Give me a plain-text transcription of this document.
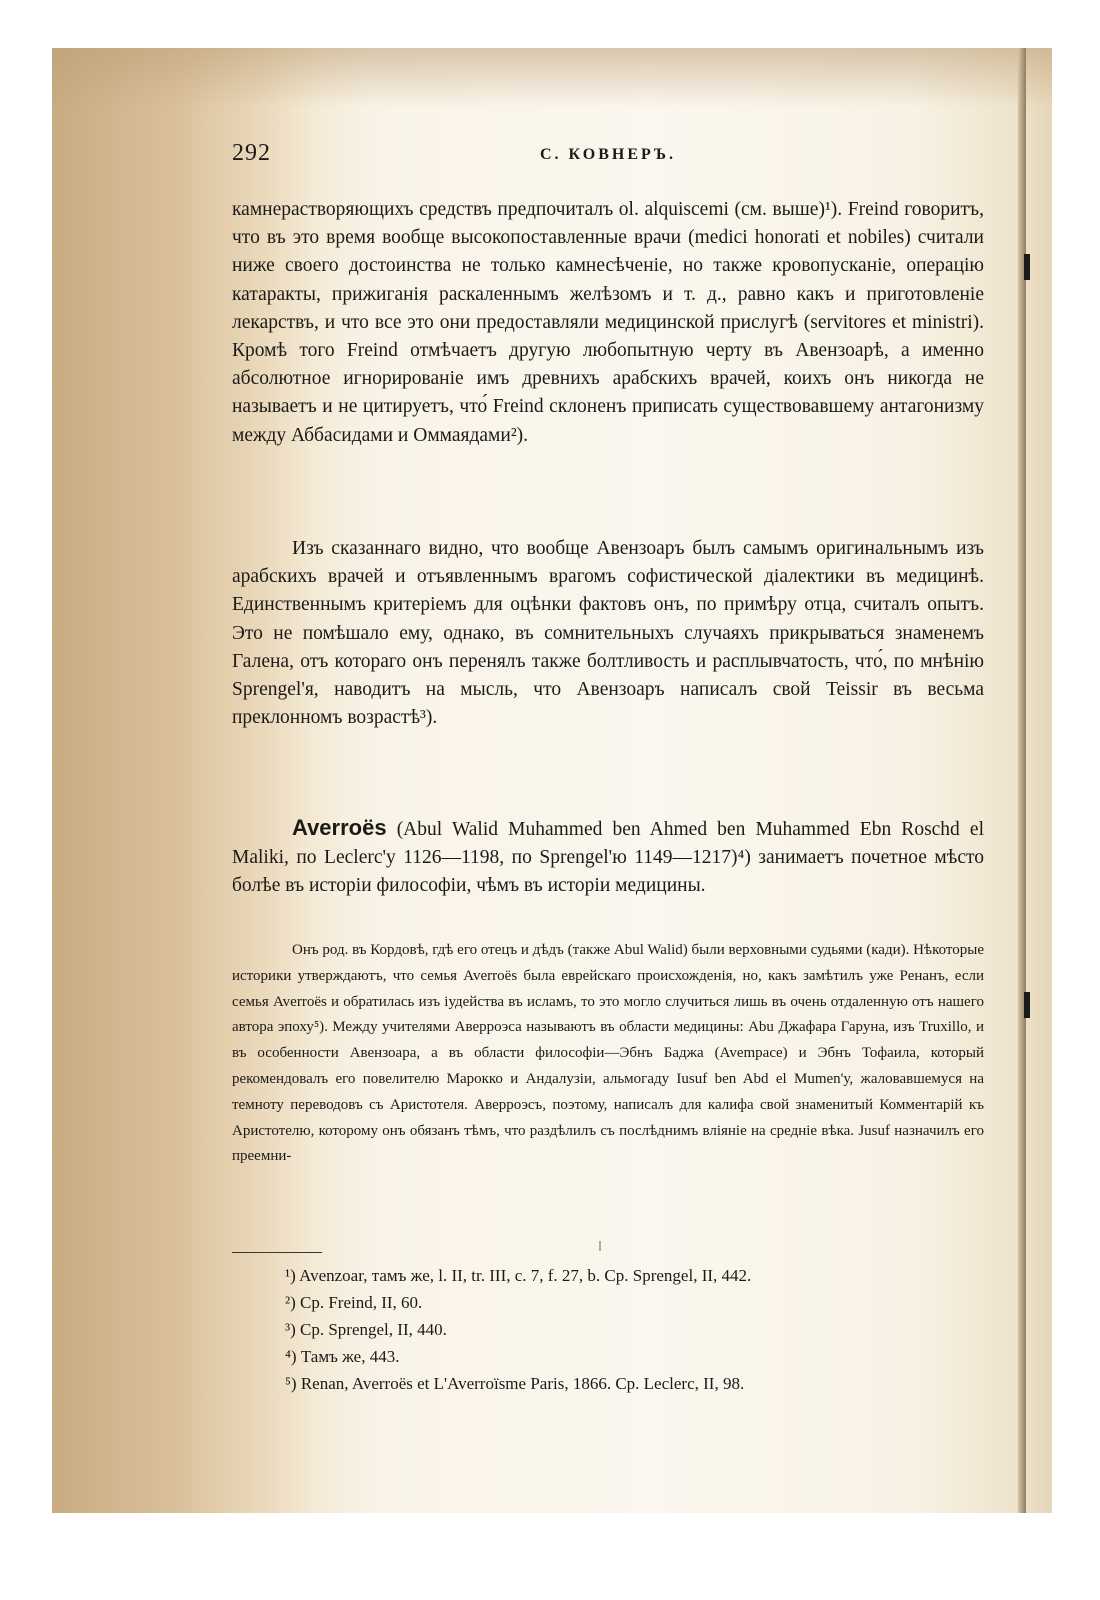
292	С. КОВНЕРЪ.
камнерастворяющихъ средствъ предпочиталъ ol. alquiscemi (см. выше)¹). Freind говоритъ, что въ это время вообще высокопоставленные врачи (medici honorati et nobiles) считали ниже своего достоинства не только камнесѣченіе, но также кровопусканіе, операцію катаракты, прижиганія раскаленнымъ желѣзомъ и т. д., равно какъ и приготовленіе лекарствъ, и что все это они предоставляли медицинской прислугѣ (servitores et ministri). Кромѣ того Freind отмѣчаетъ другую любопытную черту въ Авензоарѣ, а именно абсолютное игнорированіе имъ древнихъ арабскихъ врачей, коихъ онъ никогда не называетъ и не цитируетъ, что́ Freind склоненъ приписать существовавшему антагонизму между Аббасидами и Оммаядами²).
Изъ сказаннаго видно, что вообще Авензоаръ былъ самымъ оригинальнымъ изъ арабскихъ врачей и отъявленнымъ врагомъ софистической діалектики въ медицинѣ. Единственнымъ критеріемъ для оцѣнки фактовъ онъ, по примѣру отца, считалъ опытъ. Это не помѣшало ему, однако, въ сомнительныхъ случаяхъ прикрываться знаменемъ Галена, отъ котораго онъ перенялъ также болтливость и расплывчатость, что́, по мнѣнію Sprengel'я, наводитъ на мысль, что Авензоаръ написалъ свой Teissir въ весьма преклонномъ возрастѣ³).
Averroës (Abul Walid Muhammed ben Ahmed ben Muhammed Ebn Roschd el Maliki, по Leclerc'у 1126—1198, по Sprengel'ю 1149—1217)⁴) занимаетъ почетное мѣсто болѣе въ исторіи философіи, чѣмъ въ исторіи медицины.
Онъ род. въ Кордовѣ, гдѣ его отецъ и дѣдъ (также Abul Walid) были верховными судьями (кади). Нѣкоторые историки утверждаютъ, что семья Averroës была еврейскаго происхожденія, но, какъ замѣтилъ уже Ренанъ, если семья Averroës и обратилась изъ іудейства въ исламъ, то это могло случиться лишь въ очень отдаленную отъ нашего автора эпоху⁵). Между учителями Аверроэса называютъ въ области медицины: Abu Джафара Гаруна, изъ Truxillo, и въ особенности Авензоара, а въ области философіи—Эбнъ Баджа (Avempace) и Эбнъ Тофаила, который рекомендовалъ его повелителю Марокко и Андалузіи, альмогаду Iusuf ben Abd el Mumen'у, жаловавшемуся на темноту переводовъ съ Аристотеля. Аверроэсъ, поэтому, написалъ для калифа свой знаменитый Комментарій къ Аристотелю, которому онъ обязанъ тѣмъ, что раздѣлилъ съ послѣднимъ вліяніе на средніе вѣка. Jusuf назначилъ его преемни-
¹) Avenzoar, тамъ же, l. II, tr. III, c. 7, f. 27, b. Cp. Sprengel, II, 442.
²) Cp. Freind, II, 60.
³) Cp. Sprengel, II, 440.
⁴) Тамъ же, 443.
⁵) Renan, Averroës et L'Averroïsme Paris, 1866. Cp. Leclerc, II, 98.
